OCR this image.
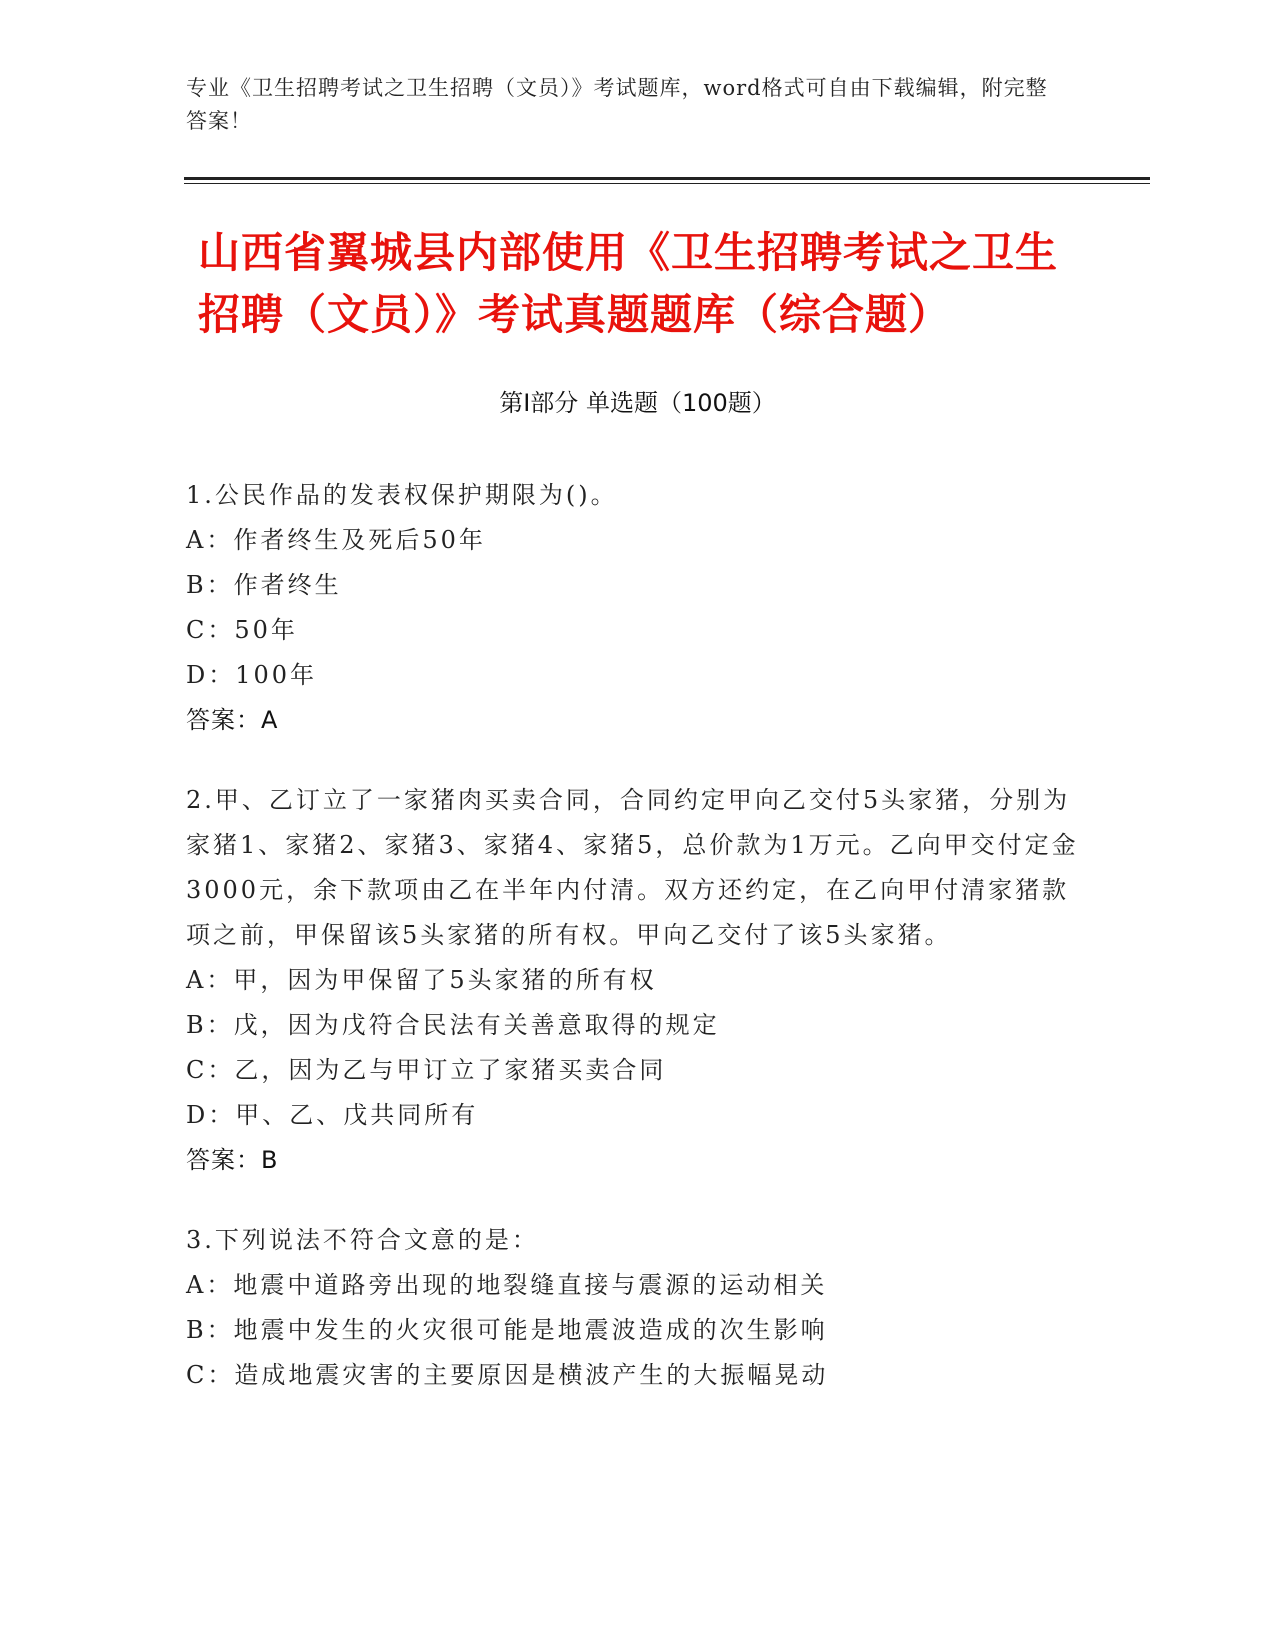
专业《卫生招聘考试之卫生招聘（文员）》考试题库，word格式可自由下载编辑，附完整答案！
山西省翼城县内部使用《卫生招聘考试之卫生招聘（文员）》考试真题题库（综合题）
第Ⅰ部分 单选题（100题）
1.公民作品的发表权保护期限为()。
A：作者终生及死后50年
B：作者终生
C：50年
D：100年
答案：A
2.甲、乙订立了一家猪肉买卖合同，合同约定甲向乙交付5头家猪，分别为家猪1、家猪2、家猪3、家猪4、家猪5，总价款为1万元。乙向甲交付定金3000元，余下款项由乙在半年内付清。双方还约定，在乙向甲付清家猪款项之前，甲保留该5头家猪的所有权。甲向乙交付了该5头家猪。
A：甲，因为甲保留了5头家猪的所有权
B：戊，因为戊符合民法有关善意取得的规定
C：乙，因为乙与甲订立了家猪买卖合同
D：甲、乙、戊共同所有
答案：B
3.下列说法不符合文意的是：
A：地震中道路旁出现的地裂缝直接与震源的运动相关
B：地震中发生的火灾很可能是地震波造成的次生影响
C：造成地震灾害的主要原因是横波产生的大振幅晃动
